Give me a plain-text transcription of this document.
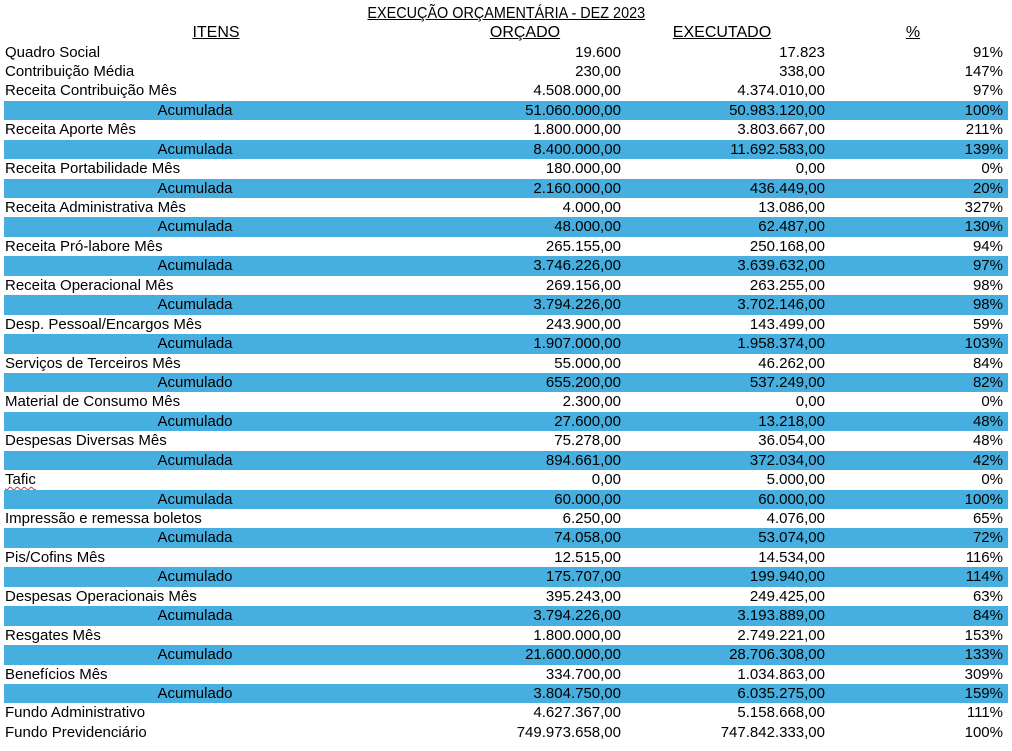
EXECUÇÃO ORÇAMENTÁRIA - DEZ 2023
ITENS	ORÇADO	EXECUTADO	%
Quadro Social	19.600	17.823	91%
Contribuição Média	230,00	338,00	147%
Receita Contribuição Mês	4.508.000,00	4.374.010,00	97%
Acumulada	51.060.000,00	50.983.120,00	100%
Receita Aporte Mês	1.800.000,00	3.803.667,00	211%
Acumulada	8.400.000,00	11.692.583,00	139%
Receita Portabilidade Mês	180.000,00	0,00	0%
Acumulada	2.160.000,00	436.449,00	20%
Receita Administrativa Mês	4.000,00	13.086,00	327%
Acumulada	48.000,00	62.487,00	130%
Receita Pró-labore Mês	265.155,00	250.168,00	94%
Acumulada	3.746.226,00	3.639.632,00	97%
Receita Operacional Mês	269.156,00	263.255,00	98%
Acumulada	3.794.226,00	3.702.146,00	98%
Desp. Pessoal/Encargos Mês	243.900,00	143.499,00	59%
Acumulada	1.907.000,00	1.958.374,00	103%
Serviços de Terceiros Mês	55.000,00	46.262,00	84%
Acumulado	655.200,00	537.249,00	82%
Material de Consumo Mês	2.300,00	0,00	0%
Acumulado	27.600,00	13.218,00	48%
Despesas Diversas Mês	75.278,00	36.054,00	48%
Acumulada	894.661,00	372.034,00	42%
Tafic	0,00	5.000,00	0%
Acumulada	60.000,00	60.000,00	100%
Impressão e remessa boletos	6.250,00	4.076,00	65%
Acumulada	74.058,00	53.074,00	72%
Pis/Cofins Mês	12.515,00	14.534,00	116%
Acumulado	175.707,00	199.940,00	114%
Despesas Operacionais Mês	395.243,00	249.425,00	63%
Acumulada	3.794.226,00	3.193.889,00	84%
Resgates Mês	1.800.000,00	2.749.221,00	153%
Acumulado	21.600.000,00	28.706.308,00	133%
Benefícios Mês	334.700,00	1.034.863,00	309%
Acumulado	3.804.750,00	6.035.275,00	159%
Fundo Administrativo	4.627.367,00	5.158.668,00	111%
Fundo Previdenciário	749.973.658,00	747.842.333,00	100%
